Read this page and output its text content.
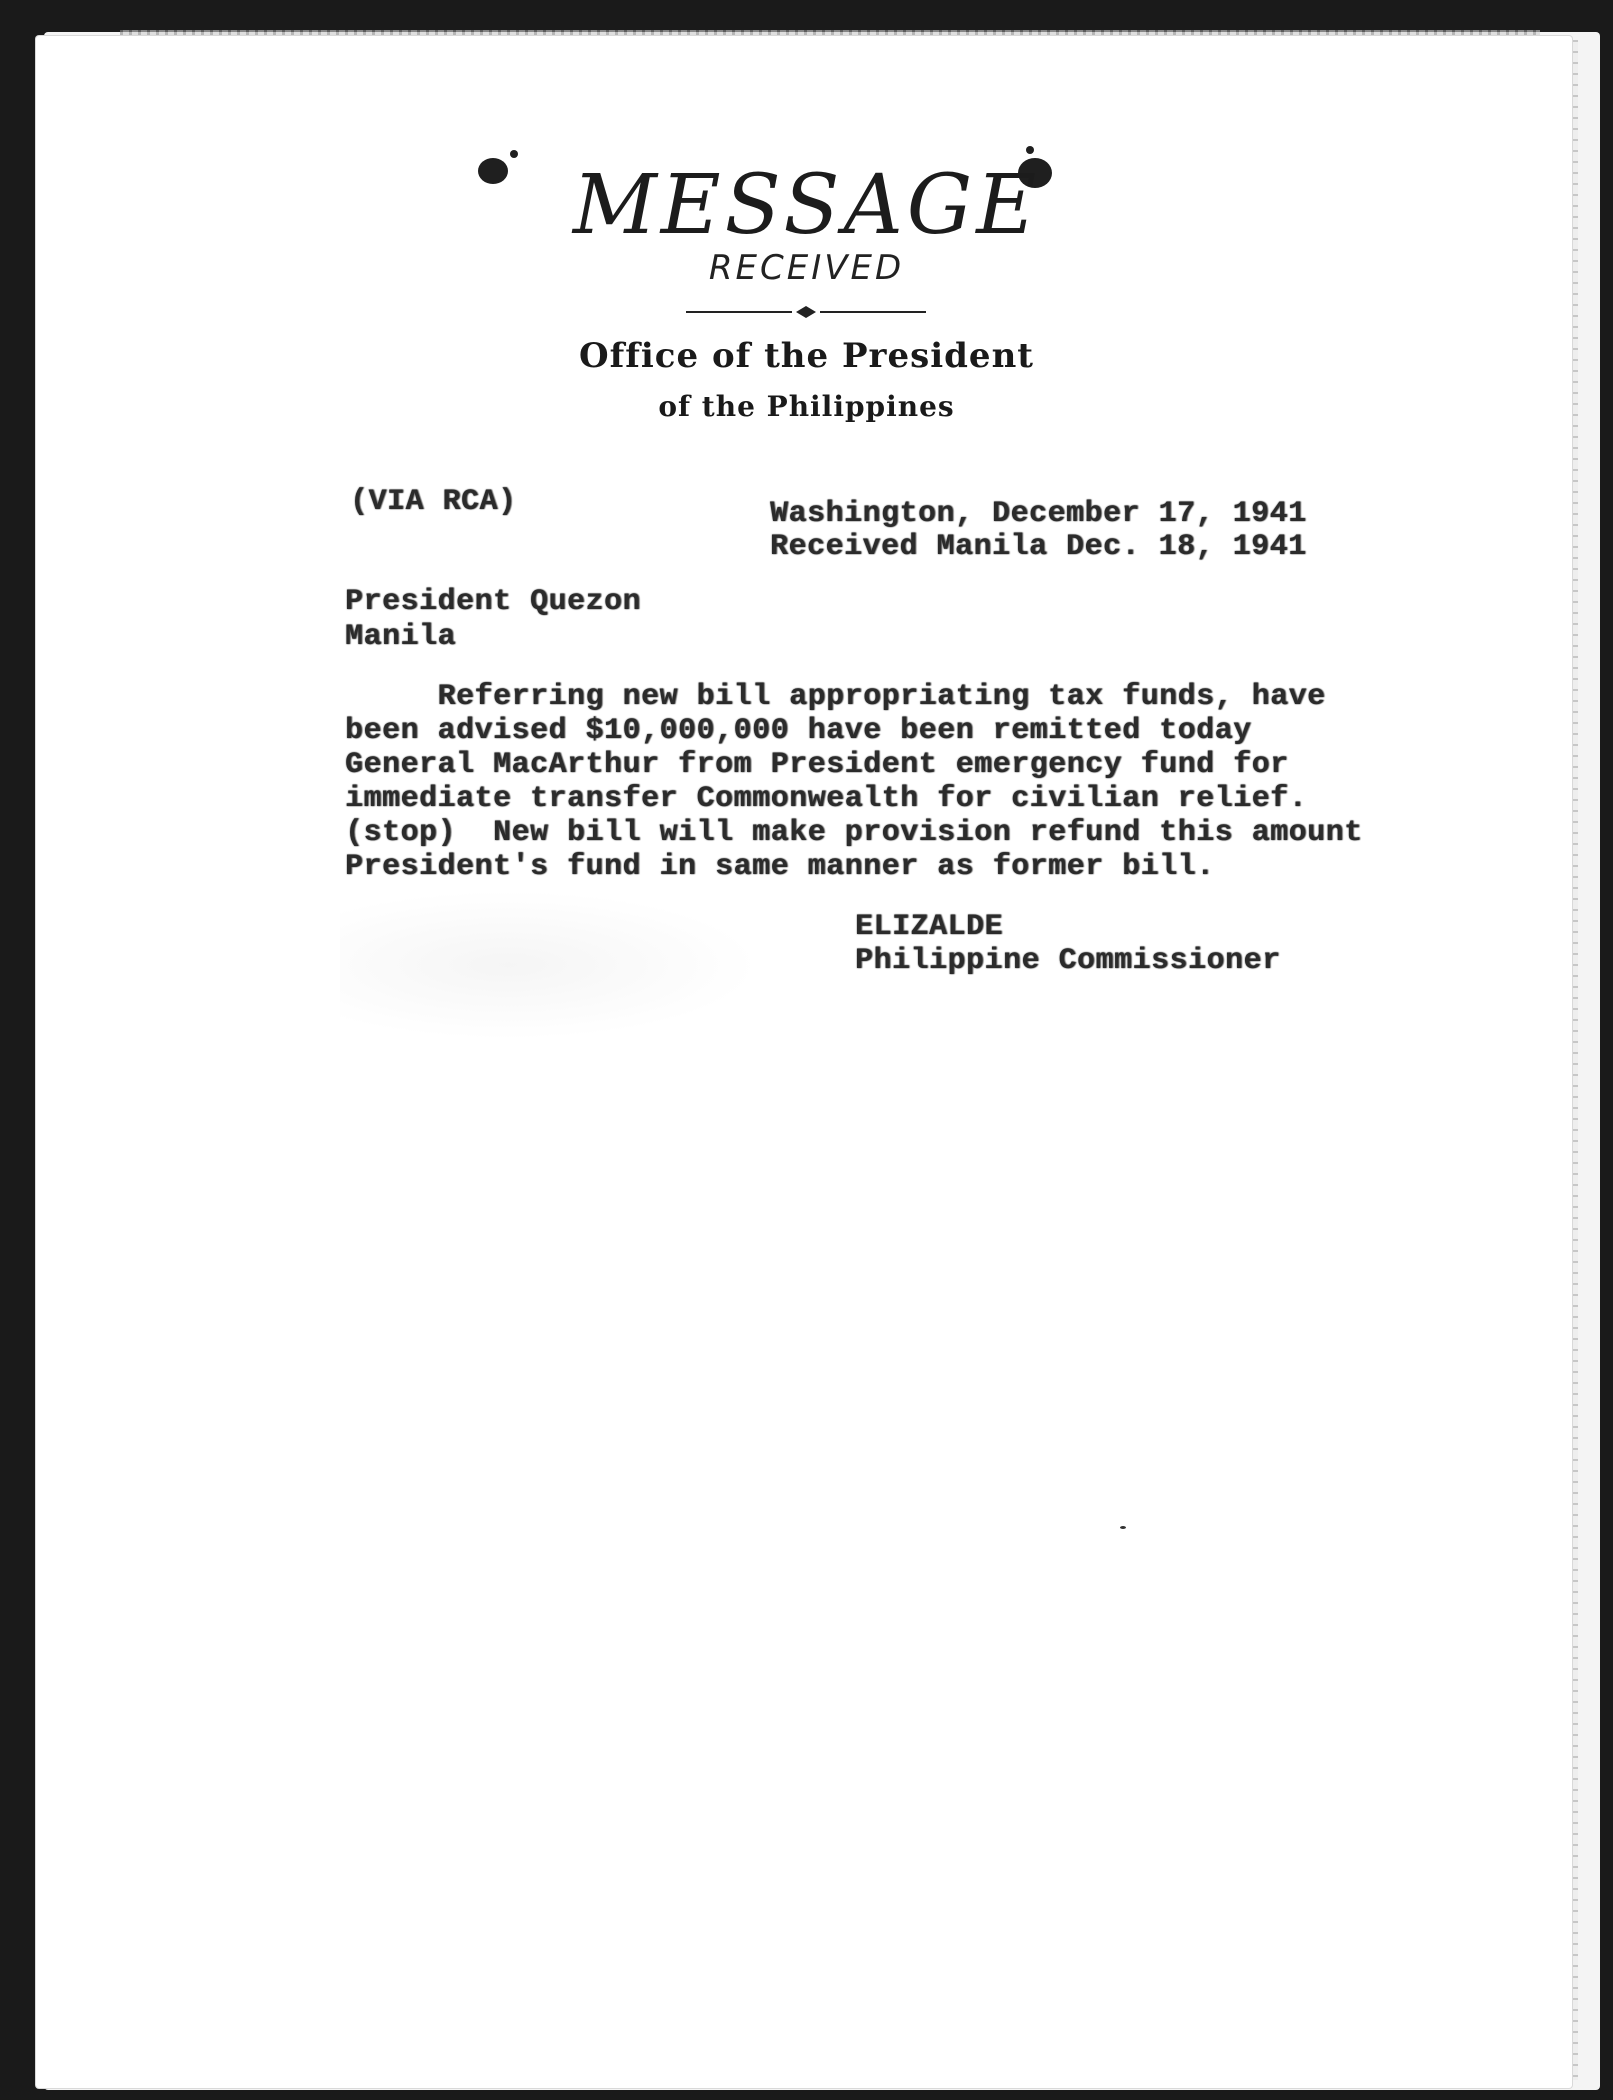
MESSAGE
RECEIVED
Office of the President
of the Philippines
(VIA RCA)	Washington, December 17, 1941
Received Manila Dec. 18, 1941
President Quezon
Manila
Referring new bill appropriating tax funds, have
been advised $10,000,000 have been remitted today
General MacArthur from President emergency fund for
immediate transfer Commonwealth for civilian relief.
(stop)  New bill will make provision refund this amount
President's fund in same manner as former bill.
ELIZALDE
Philippine Commissioner
